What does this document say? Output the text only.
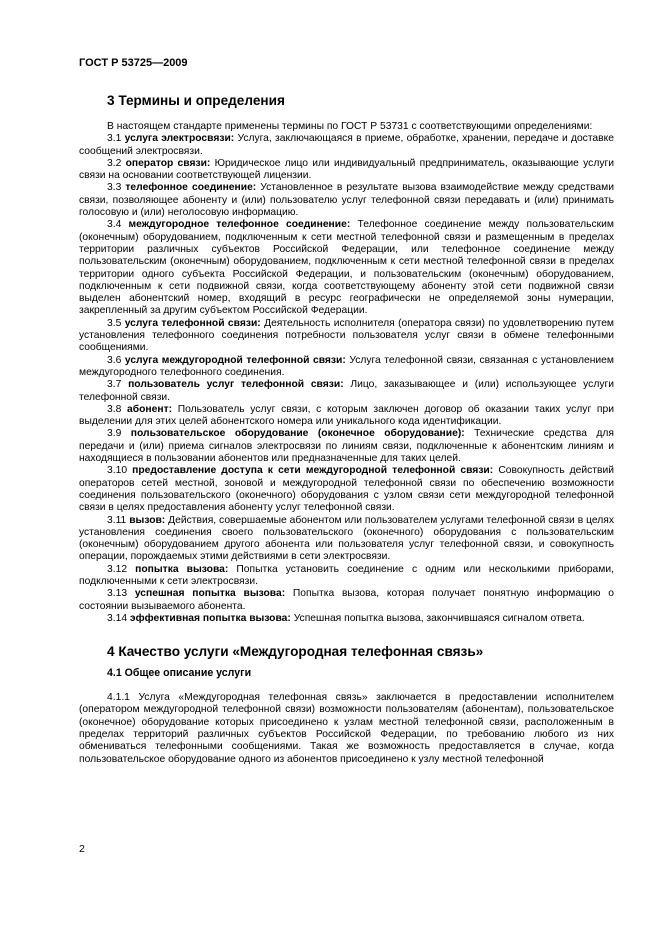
ГОСТ Р 53725—2009
3 Термины и определения

В настоящем стандарте применены термины по ГОСТ Р 53731 с соответствующими определениями:

3.1 услуга электросвязи: Услуга, заключающаяся в приеме, обработке, хранении, передаче и доставке сообщений электросвязи.

3.2 оператор связи: Юридическое лицо или индивидуальный предприниматель, оказывающие услуги связи на основании соответствующей лицензии.

3.3 телефонное соединение: Установленное в результате вызова взаимодействие между средствами связи, позволяющее абоненту и (или) пользователю услуг телефонной связи передавать и (или) принимать голосовую и (или) неголосовую информацию.

3.4 междугородное телефонное соединение: Телефонное соединение между пользовательским (оконечным) оборудованием, подключенным к сети местной телефонной связи и размещенным в пределах территории различных субъектов Российской Федерации, или телефонное соединение между пользовательским (оконечным) оборудованием, подключенным к сети местной телефонной связи в пределах территории одного субъекта Российской Федерации, и пользовательским (оконечным) оборудованием, подключенным к сети подвижной связи, когда соответствующему абоненту этой сети подвижной связи выделен абонентский номер, входящий в ресурс географически не определяемой зоны нумерации, закрепленный за другим субъектом Российской Федерации.

3.5 услуга телефонной связи: Деятельность исполнителя (оператора связи) по удовлетворению путем установления телефонного соединения потребности пользователя услуг связи в обмене телефонными сообщениями.

3.6 услуга междугородной телефонной связи: Услуга телефонной связи, связанная с установлением междугородного телефонного соединения.

3.7 пользователь услуг телефонной связи: Лицо, заказывающее и (или) использующее услуги телефонной связи.

3.8 абонент: Пользователь услуг связи, с которым заключен договор об оказании таких услуг при выделении для этих целей абонентского номера или уникального кода идентификации.

3.9 пользовательское оборудование (оконечное оборудование): Технические средства для передачи и (или) приема сигналов электросвязи по линиям связи, подключенные к абонентским линиям и находящиеся в пользовании абонентов или предназначенные для таких целей.

3.10 предоставление доступа к сети междугородной телефонной связи: Совокупность действий операторов сетей местной, зоновой и междугородной телефонной связи по обеспечению возможности соединения пользовательского (оконечного) оборудования с узлом связи сети междугородной телефонной связи в целях предоставления абоненту услуг телефонной связи.

3.11 вызов: Действия, совершаемые абонентом или пользователем услугами телефонной связи в целях установления соединения своего пользовательского (оконечного) оборудования с пользовательским (оконечным) оборудованием другого абонента или пользователя услуг телефонной связи, и совокупность операции, порождаемых этими действиями в сети электросвязи.

3.12 попытка вызова: Попытка установить соединение с одним или несколькими приборами, подключенными к сети электросвязи.

3.13 успешная попытка вызова: Попытка вызова, которая получает понятную информацию о состоянии вызываемого абонента.

3.14 эффективная попытка вызова: Успешная попытка вызова, закончившаяся сигналом ответа.

4 Качество услуги «Междугородная телефонная связь»
4.1 Общее описание услуги

4.1.1 Услуга «Междугородная телефонная связь» заключается в предоставлении исполнителем (оператором междугородной телефонной связи) возможности пользователям (абонентам), пользовательское (оконечное) оборудование которых присоединено к узлам местной телефонной связи, расположенным в пределах территорий различных субъектов Российской Федерации, по требованию любого из них обмениваться телефонными сообщениями. Такая же возможность предоставляется в случае, когда пользовательское оборудование одного из абонентов присоединено к узлу местной телефонной

2
